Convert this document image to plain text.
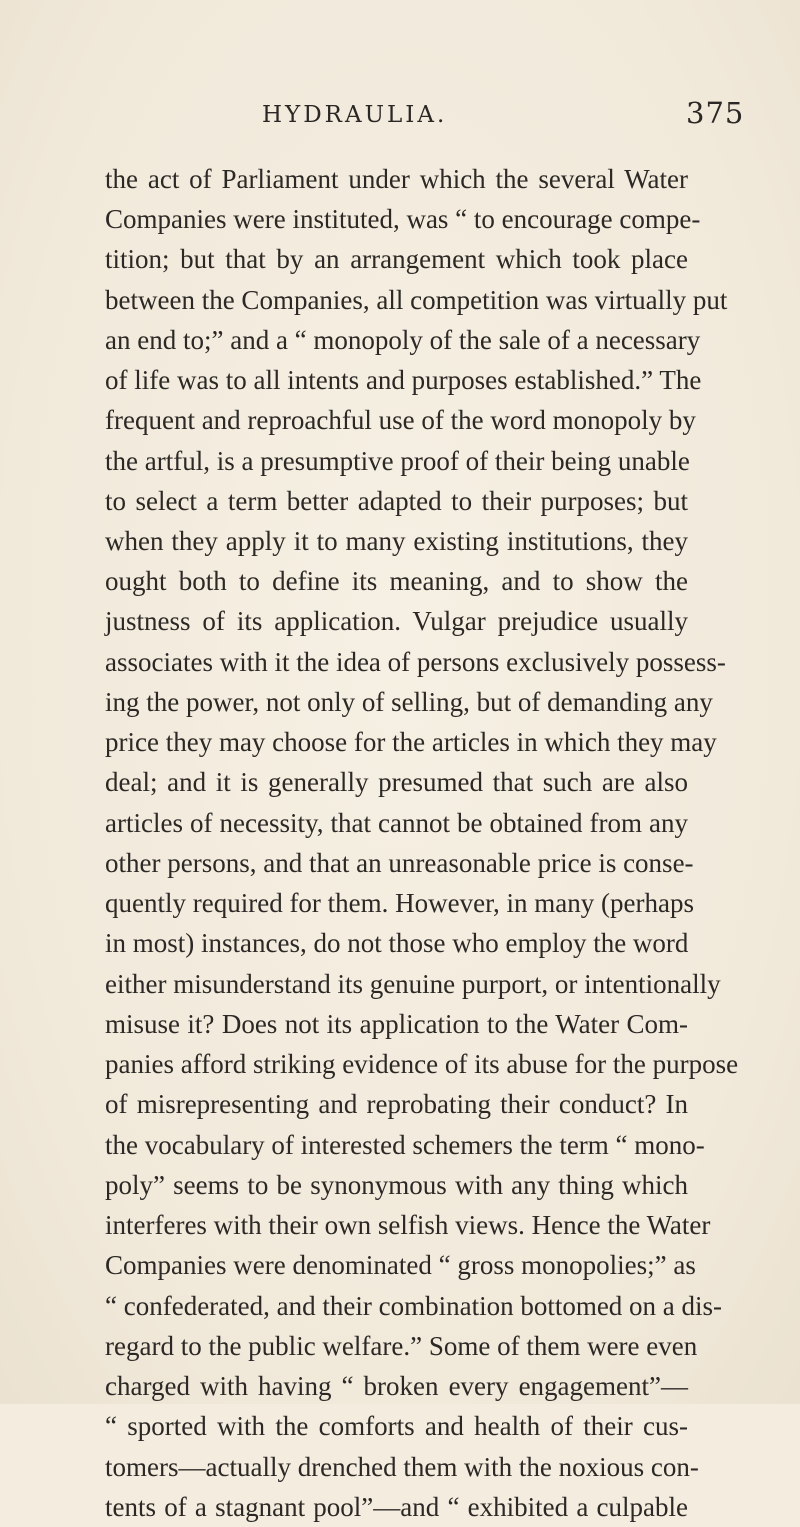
HYDRAULIA.	375
the act of Parliament under which the several Water
Companies were instituted, was “ to encourage compe-
tition; but that by an arrangement which took place
between the Companies, all competition was virtually put
an end to;” and a “ monopoly of the sale of a necessary
of life was to all intents and purposes established.” The
frequent and reproachful use of the word monopoly by
the artful, is a presumptive proof of their being unable
to select a term better adapted to their purposes; but
when they apply it to many existing institutions, they
ought both to define its meaning, and to show the
justness of its application. Vulgar prejudice usually
associates with it the idea of persons exclusively possess-
ing the power, not only of selling, but of demanding any
price they may choose for the articles in which they may
deal; and it is generally presumed that such are also
articles of necessity, that cannot be obtained from any
other persons, and that an unreasonable price is conse-
quently required for them. However, in many (perhaps
in most) instances, do not those who employ the word
either misunderstand its genuine purport, or intentionally
misuse it? Does not its application to the Water Com-
panies afford striking evidence of its abuse for the purpose
of misrepresenting and reprobating their conduct? In
the vocabulary of interested schemers the term “ mono-
poly” seems to be synonymous with any thing which
interferes with their own selfish views. Hence the Water
Companies were denominated “ gross monopolies;” as
“ confederated, and their combination bottomed on a dis-
regard to the public welfare.” Some of them were even
charged with having “ broken every engagement”—
“ sported with the comforts and health of their cus-
tomers—actually drenched them with the noxious con-
tents of a stagnant pool”—and “ exhibited a culpable
